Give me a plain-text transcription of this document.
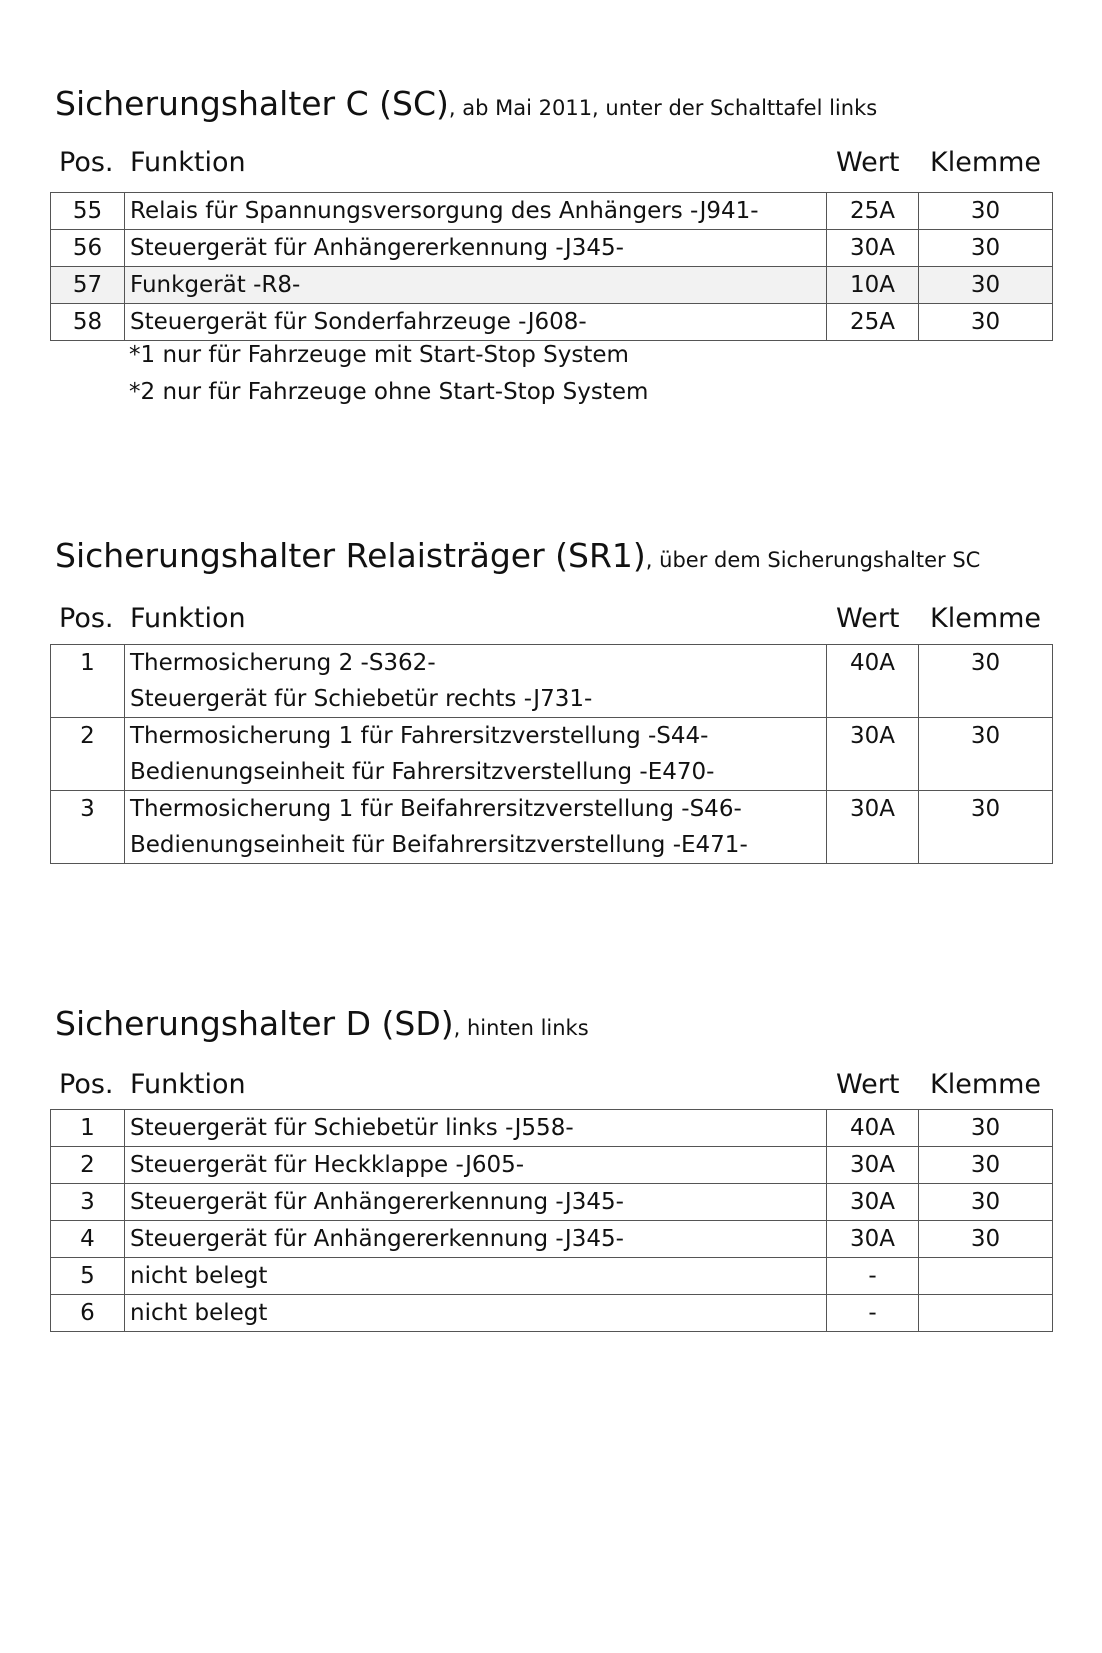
Sicherungshalter C (SC), ab Mai 2011, unter der Schalttafel links
Pos. Funktion	Wert Klemme
55	Relais für Spannungsversorgung des Anhängers -J941-	25A	30
56	Steuergerät für Anhängererkennung -J345-	30A	30
57	Funkgerät -R8-	10A	30
58	Steuergerät für Sonderfahrzeuge -J608-	25A	30
*1 nur für Fahrzeuge mit Start-Stop System
*2 nur für Fahrzeuge ohne Start-Stop System
Sicherungshalter Relaisträger (SR1), über dem Sicherungshalter SC
Pos. Funktion	Wert Klemme
1	Thermosicherung 2 -S362-
Steuergerät für Schiebetür rechts -J731-	40A	30
2	Thermosicherung 1 für Fahrersitzverstellung -S44-
Bedienungseinheit für Fahrersitzverstellung -E470-	30A	30
3	Thermosicherung 1 für Beifahrersitzverstellung -S46-
Bedienungseinheit für Beifahrersitzverstellung -E471-	30A	30
Sicherungshalter D (SD), hinten links
Pos. Funktion	Wert Klemme
1	Steuergerät für Schiebetür links -J558-	40A	30
2	Steuergerät für Heckklappe -J605-	30A	30
3	Steuergerät für Anhängererkennung -J345-	30A	30
4	Steuergerät für Anhängererkennung -J345-	30A	30
5	nicht belegt	-	
6	nicht belegt	-	
